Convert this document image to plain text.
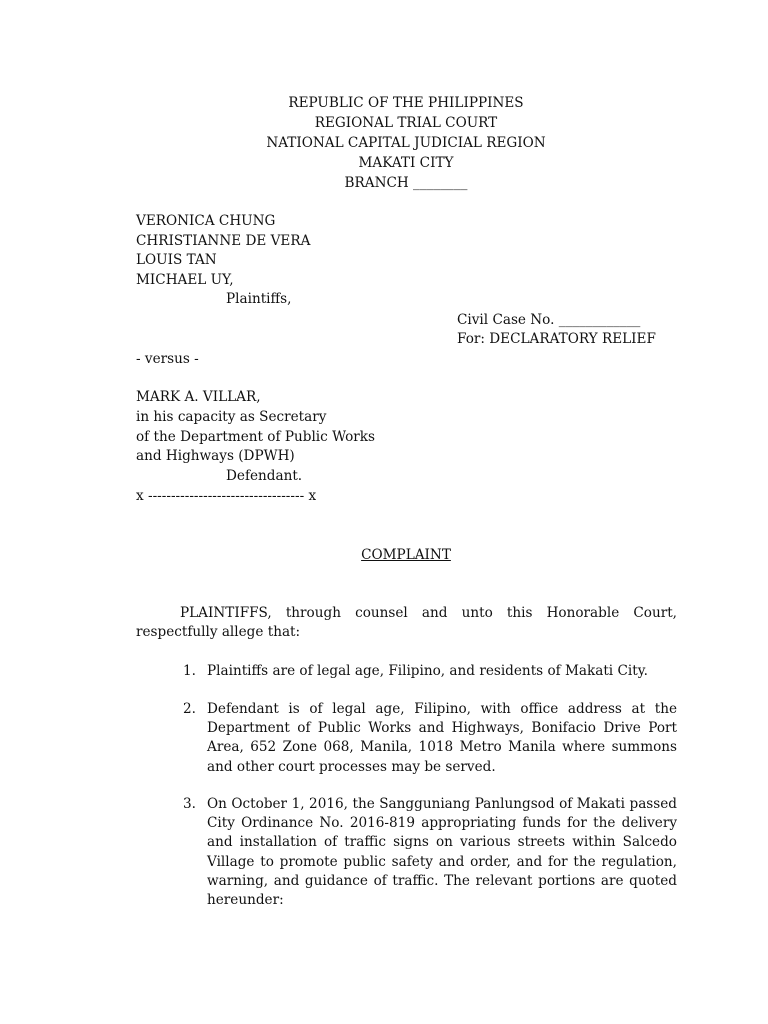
REPUBLIC OF THE PHILIPPINES
REGIONAL TRIAL COURT
NATIONAL CAPITAL JUDICIAL REGION
MAKATI CITY
BRANCH ________
VERONICA CHUNG
CHRISTIANNE DE VERA
LOUIS TAN
MICHAEL UY,
Plaintiffs,
Civil Case No. ____________
For: DECLARATORY RELIEF
- versus -
MARK A. VILLAR,
in his capacity as Secretary
of the Department of Public Works
and Highways (DPWH)
Defendant.
x ---------------------------------- x
COMPLAINT
PLAINTIFFS, through counsel and unto this Honorable Court, respectfully allege that:
1. Plaintiffs are of legal age, Filipino, and residents of Makati City.
2. Defendant is of legal age, Filipino, with office address at the Department of Public Works and Highways, Bonifacio Drive Port Area, 652 Zone 068, Manila, 1018 Metro Manila where summons and other court processes may be served.
3. On October 1, 2016, the Sangguniang Panlungsod of Makati passed City Ordinance No. 2016-819 appropriating funds for the delivery and installation of traffic signs on various streets within Salcedo Village to promote public safety and order, and for the regulation, warning, and guidance of traffic. The relevant portions are quoted hereunder:
